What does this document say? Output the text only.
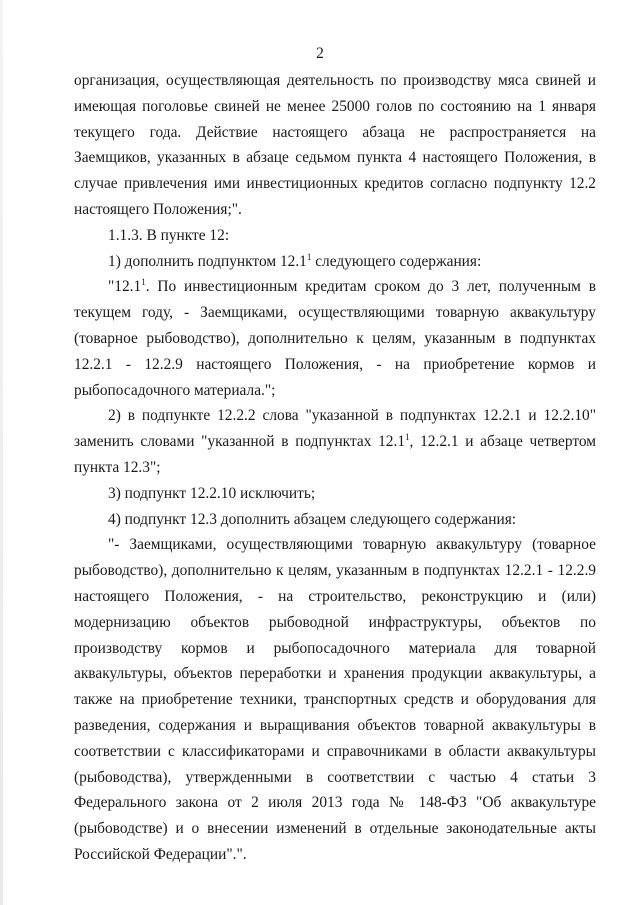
2

организация, осуществляющая деятельность по производству мяса свиней и
имеющая поголовье свиней не менее 25000 голов по состоянию на 1 января
текущего года. Действие настоящего абзаца не распространяется на
Заемщиков, указанных в абзаце седьмом пункта 4 настоящего Положения, в
случае привлечения ими инвестиционных кредитов согласно подпункту 12.2
настоящего Положения;".

1.1.3. В пункте 12:

1) дополнить подпунктом 12.1$^1$ следующего содержания:

"12.1$^1$. По инвестиционным кредитам сроком до 3 лет, полученным в
текущем году, - Заемщиками, осуществляющими товарную аквакультуру
(товарное рыбоводство), дополнительно к целям, указанным в подпунктах
12.2.1 - 12.2.9 настоящего Положения, - на приобретение кормов и
рыбопосадочного материала.";

2) в подпункте 12.2.2 слова "указанной в подпунктах 12.2.1 и 12.2.10"
заменить словами "указанной в подпунктах 12.1$^1$, 12.2.1 и абзаце четвертом
пункта 12.3";

3) подпункт 12.2.10 исключить;

4) подпункт 12.3 дополнить абзацем следующего содержания:

"- Заемщиками, осуществляющими товарную аквакультуру (товарное
рыбоводство), дополнительно к целям, указанным в подпунктах 12.2.1 - 12.2.9
настоящего Положения, - на строительство, реконструкцию и (или)
модернизацию объектов рыбоводной инфраструктуры, объектов по
производству кормов и рыбопосадочного материала для товарной
аквакультуры, объектов переработки и хранения продукции аквакультуры, а
также на приобретение техники, транспортных средств и оборудования для
разведения, содержания и выращивания объектов товарной аквакультуры в
соответствии с классификаторами и справочниками в области аквакультуры
(рыбоводства), утвержденными в соответствии с частью 4 статьи 3
Федерального закона от 2 июля 2013 года № 148-ФЗ "Об аквакультуре
(рыбоводстве) и о внесении изменений в отдельные законодательные акты
Российской Федерации".".
